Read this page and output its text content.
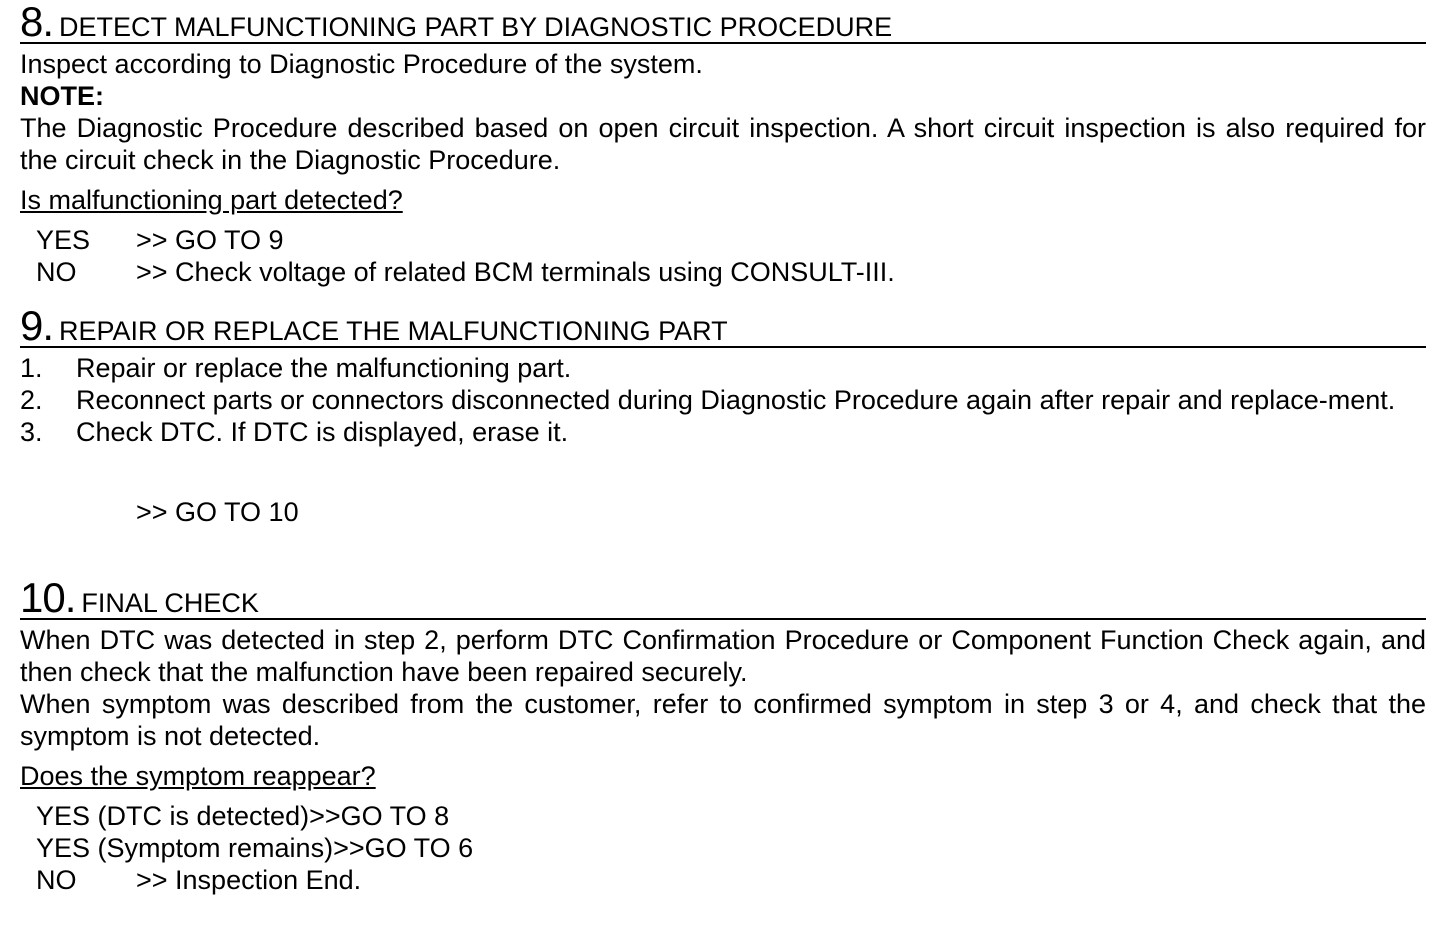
8. DETECT MALFUNCTIONING PART BY DIAGNOSTIC PROCEDURE
Inspect according to Diagnostic Procedure of the system.
NOTE:
The Diagnostic Procedure described based on open circuit inspection. A short circuit inspection is also required for the circuit check in the Diagnostic Procedure.
Is malfunctioning part detected?
YES	>> GO TO 9
NO	>> Check voltage of related BCM terminals using CONSULT-III.
9. REPAIR OR REPLACE THE MALFUNCTIONING PART
1.	Repair or replace the malfunctioning part.
2.	Reconnect parts or connectors disconnected during Diagnostic Procedure again after repair and replace-ment.
3.	Check DTC. If DTC is displayed, erase it.
>> GO TO 10
10. FINAL CHECK
When DTC was detected in step 2, perform DTC Confirmation Procedure or Component Function Check again, and then check that the malfunction have been repaired securely.
When symptom was described from the customer, refer to confirmed symptom in step 3 or 4, and check that the symptom is not detected.
Does the symptom reappear?
YES (DTC is detected) >>GO TO 8
YES (Symptom remains) >>GO TO 6
NO	>> Inspection End.
